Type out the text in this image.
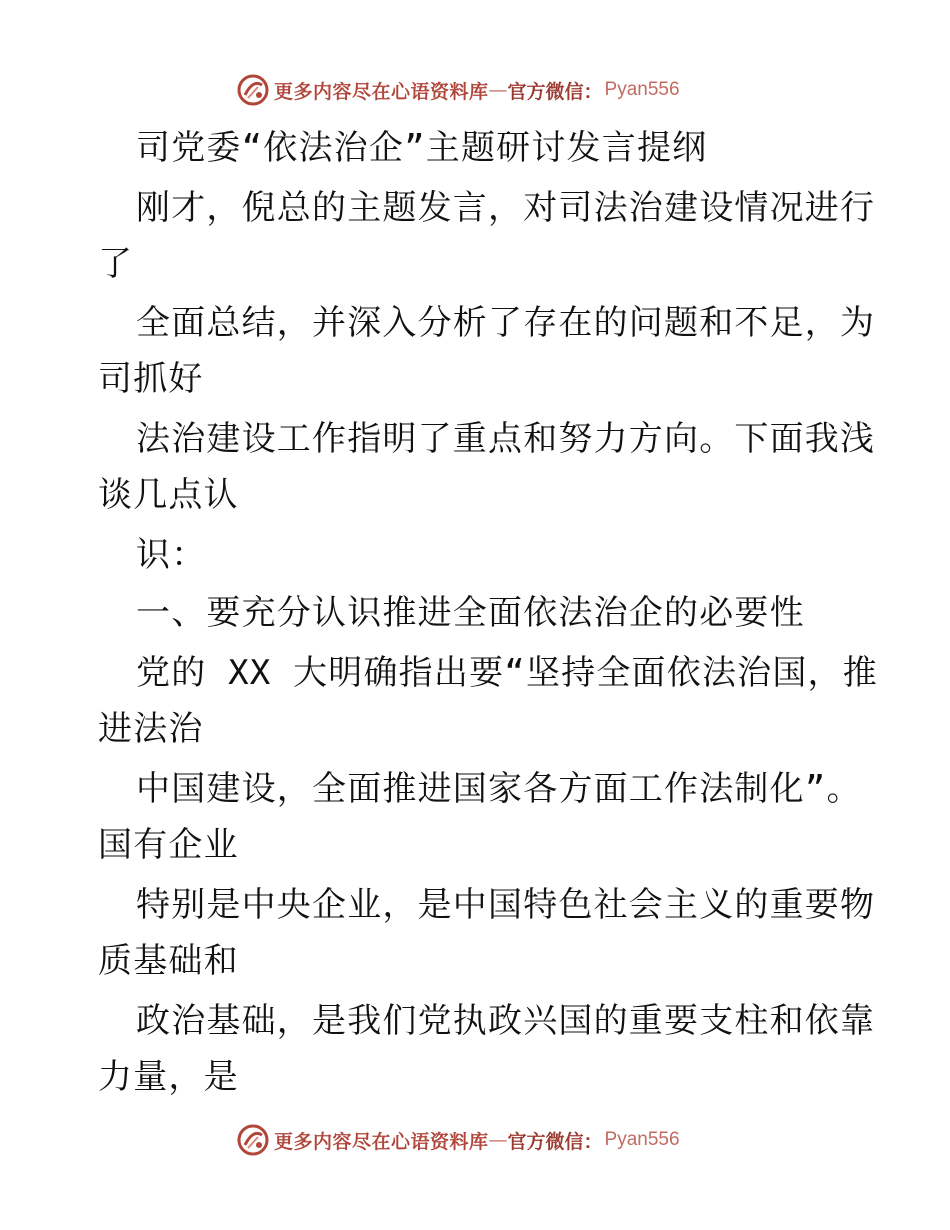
更多内容尽在心语资料库 — 官方微信： Pyan556
司党委“依法治企”主题研讨发言提纲
刚才，倪总的主题发言，对司法治建设情况进行
了
全面总结，并深入分析了存在的问题和不足，为
司抓好
法治建设工作指明了重点和努力方向。下面我浅
谈几点认
识：
一、要充分认识推进全面依法治企的必要性
党的 XX 大明确指出要“坚持全面依法治国，推
进法治
中国建设，全面推进国家各方面工作法制化”。
国有企业
特别是中央企业，是中国特色社会主义的重要物
质基础和
政治基础，是我们党执政兴国的重要支柱和依靠
力量，是
更多内容尽在心语资料库 — 官方微信： Pyan556
